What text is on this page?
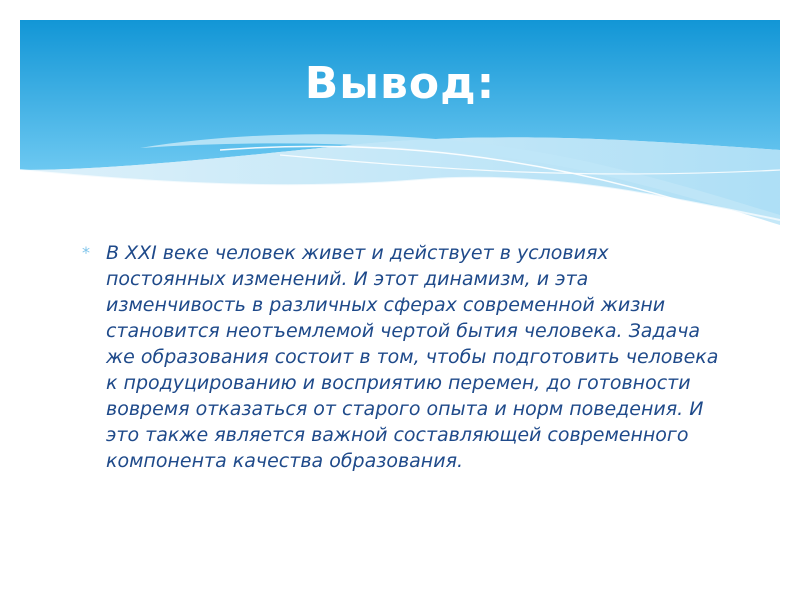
Вывод:
* В XXI веке человек живет и действует в условиях постоянных изменений. И этот динамизм, и эта изменчивость в различных сферах современной жизни становится неотъемлемой чертой бытия человека. Задача же образования состоит в том, чтобы подготовить человека к продуцированию и восприятию перемен, до готовности вовремя отказаться от старого опыта и норм поведения. И это также является важной составляющей современного компонента качества образования.
